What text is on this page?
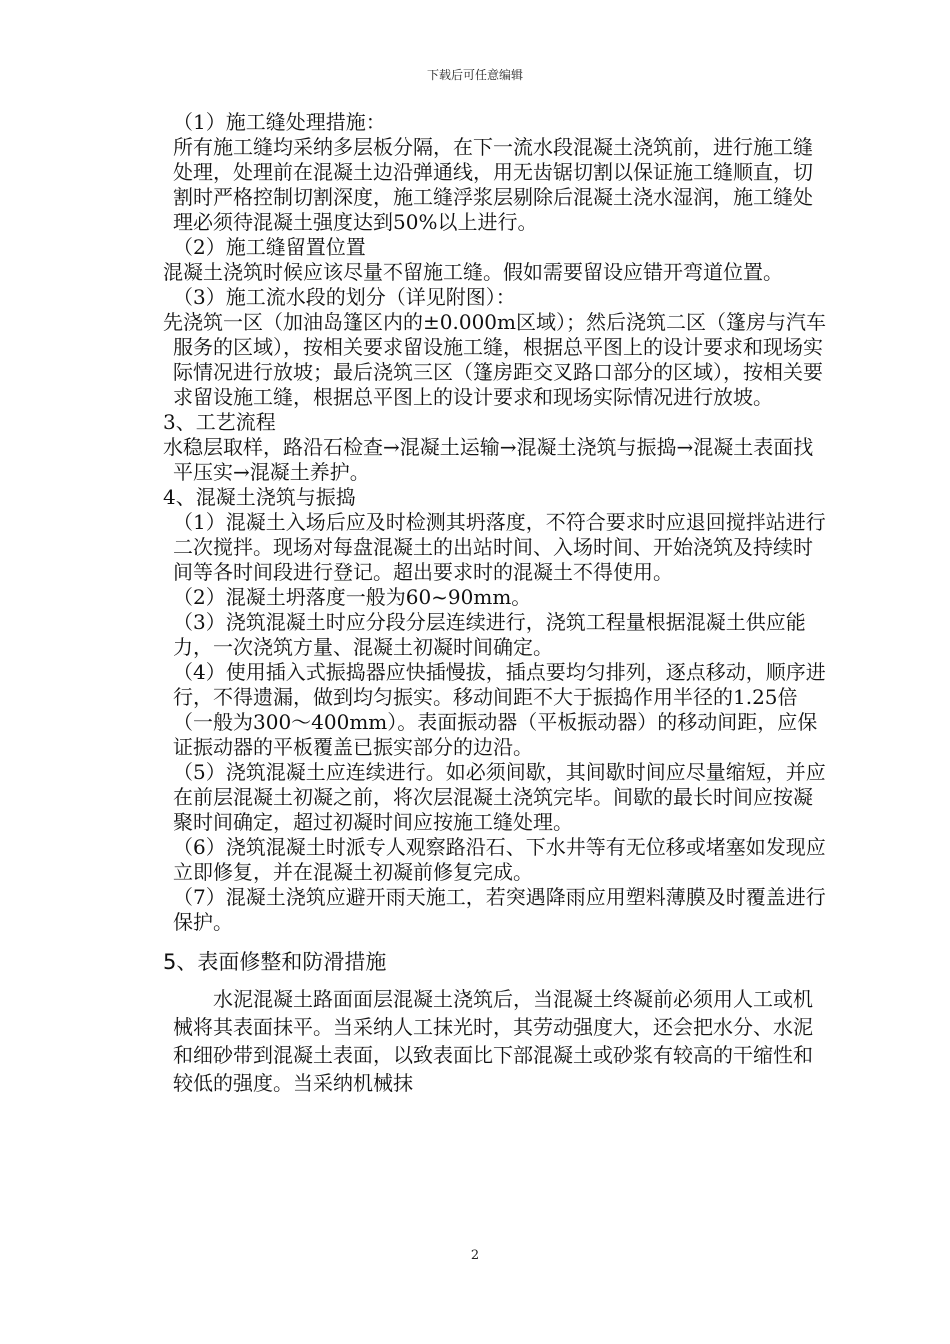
下载后可任意编辑

（1）施工缝处理措施：

所有施工缝均采纳多层板分隔，在下一流水段混凝土浇筑前，进行施工缝处理，处理前在混凝土边沿弹通线，用无齿锯切割以保证施工缝顺直，切割时严格控制切割深度，施工缝浮浆层剔除后混凝土浇水湿润，施工缝处理必须待混凝土强度达到50%以上进行。

（2）施工缝留置位置

混凝土浇筑时候应该尽量不留施工缝。假如需要留设应错开弯道位置。

（3）施工流水段的划分（详见附图）：

先浇筑一区（加油岛篷区内的±0.000m区域）；然后浇筑二区（篷房与汽车服务的区域），按相关要求留设施工缝，根据总平图上的设计要求和现场实际情况进行放坡；最后浇筑三区（篷房距交叉路口部分的区域），按相关要求留设施工缝，根据总平图上的设计要求和现场实际情况进行放坡。

3、工艺流程

水稳层取样，路沿石检查→混凝土运输→混凝土浇筑与振捣→混凝土表面找平压实→混凝土养护。

4、混凝土浇筑与振捣

（1）混凝土入场后应及时检测其坍落度，不符合要求时应退回搅拌站进行二次搅拌。现场对每盘混凝土的出站时间、入场时间、开始浇筑及持续时间等各时间段进行登记。超出要求时的混凝土不得使用。

（2）混凝土坍落度一般为60~90mm。

（3）浇筑混凝土时应分段分层连续进行，浇筑工程量根据混凝土供应能力，一次浇筑方量、混凝土初凝时间确定。

（4）使用插入式振捣器应快插慢拔，插点要均匀排列，逐点移动，顺序进行，不得遗漏，做到均匀振实。移动间距不大于振捣作用半径的1.25倍（一般为300～400mm）。表面振动器（平板振动器）的移动间距，应保证振动器的平板覆盖已振实部分的边沿。

（5）浇筑混凝土应连续进行。如必须间歇，其间歇时间应尽量缩短，并应在前层混凝土初凝之前，将次层混凝土浇筑完毕。间歇的最长时间应按凝聚时间确定，超过初凝时间应按施工缝处理。

（6）浇筑混凝土时派专人观察路沿石、下水井等有无位移或堵塞如发现应立即修复，并在混凝土初凝前修复完成。

（7）混凝土浇筑应避开雨天施工，若突遇降雨应用塑料薄膜及时覆盖进行保护。

5、表面修整和防滑措施

水泥混凝土路面面层混凝土浇筑后，当混凝土终凝前必须用人工或机械将其表面抹平。当采纳人工抹光时，其劳动强度大，还会把水分、水泥和细砂带到混凝土表面，以致表面比下部混凝土或砂浆有较高的干缩性和较低的强度。当采纳机械抹

2
